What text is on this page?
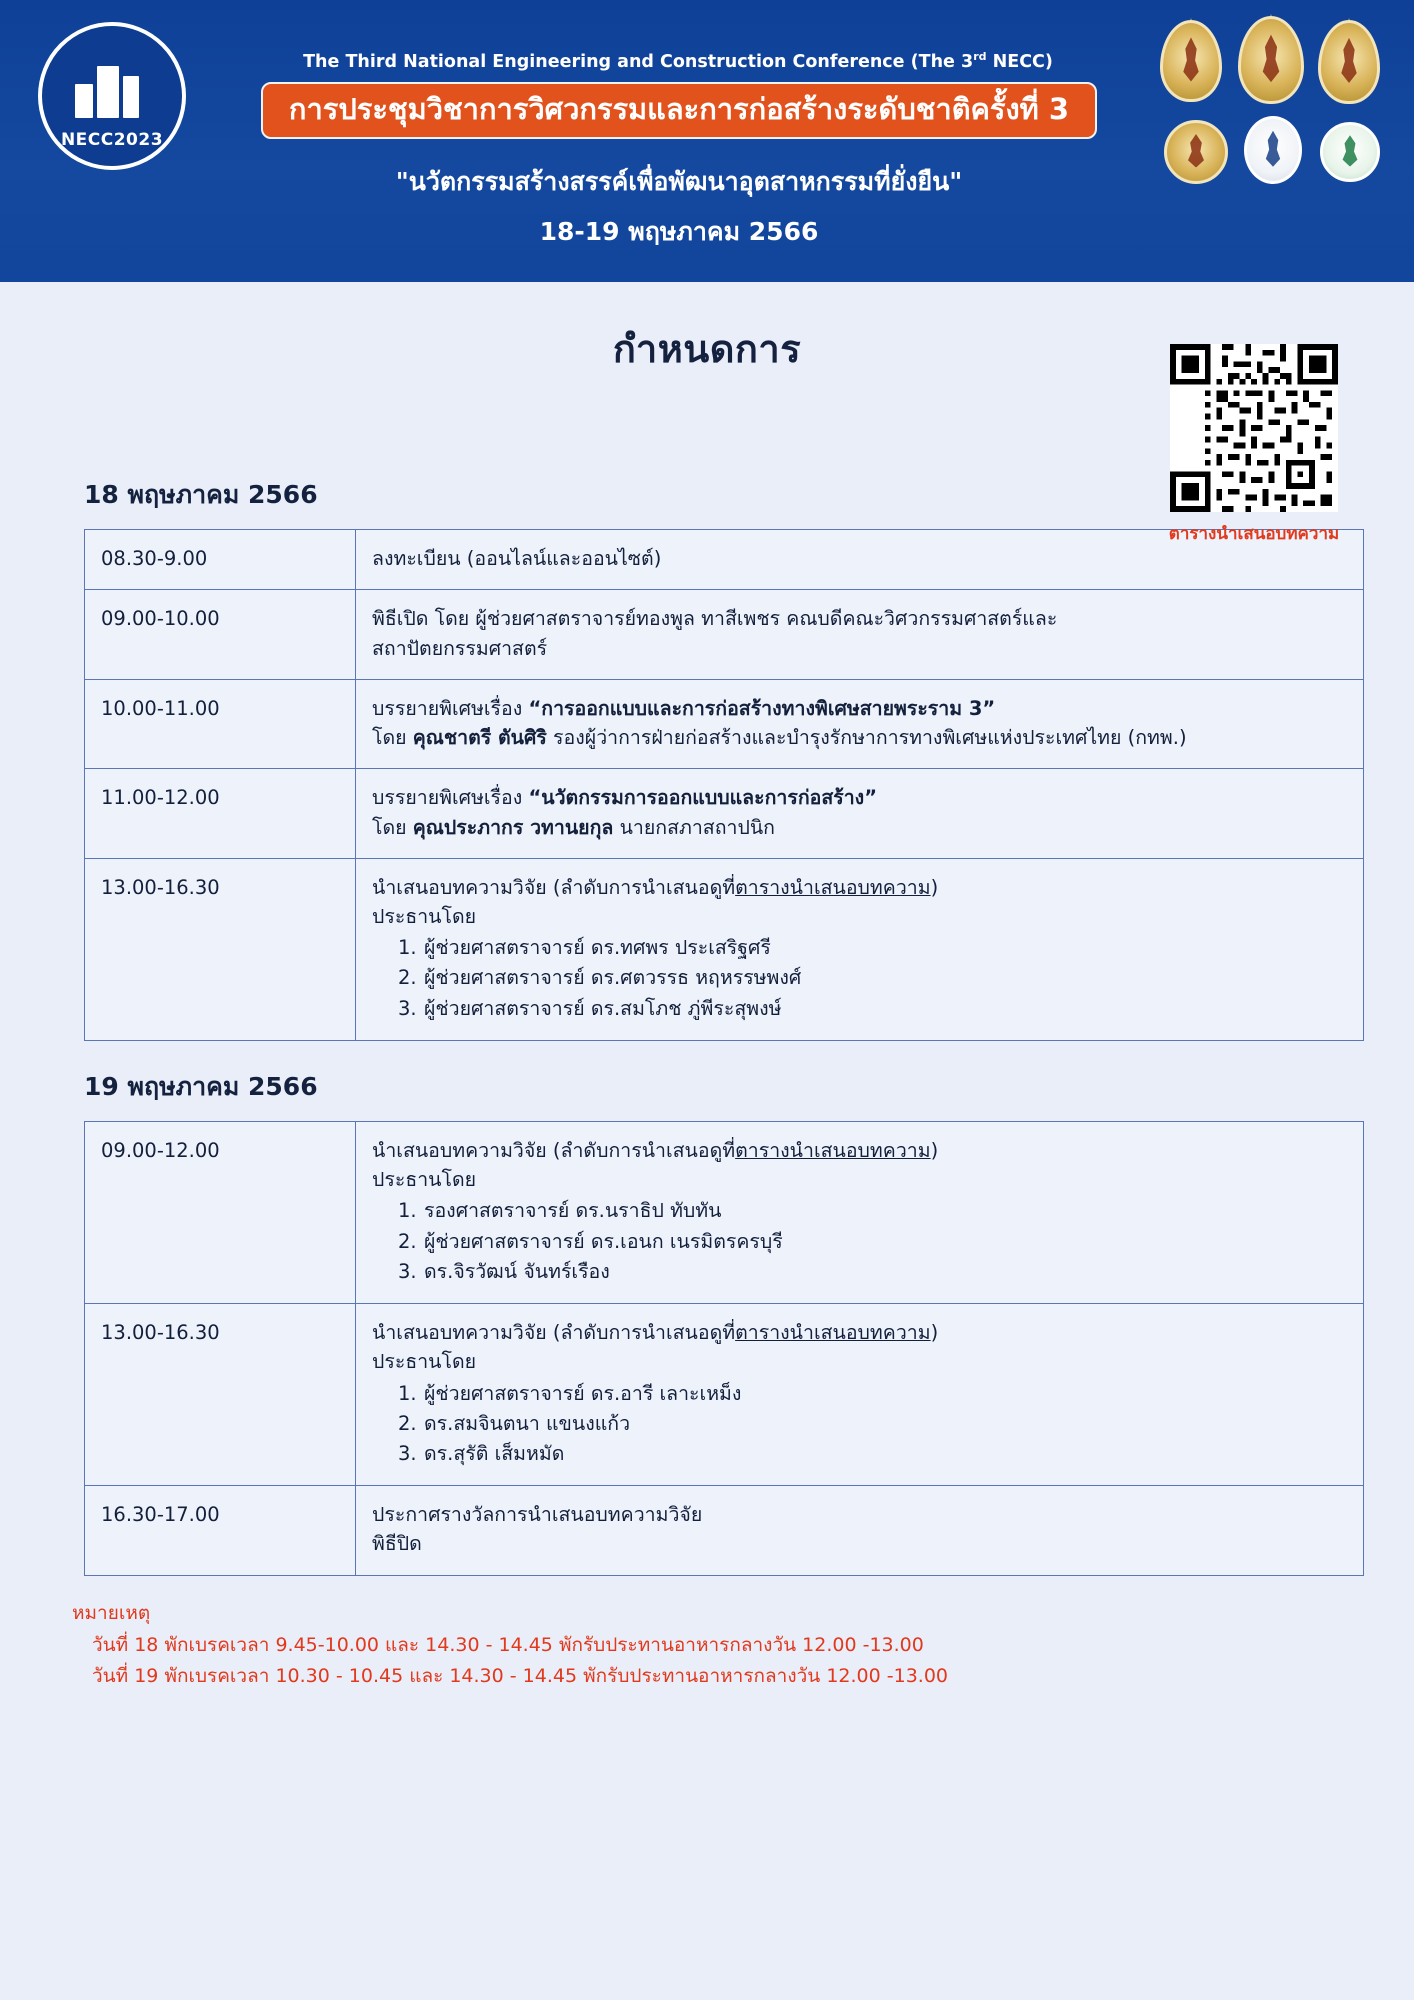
NECC2023
The Third National Engineering and Construction Conference (The 3rd NECC)
การประชุมวิชาการวิศวกรรมและการก่อสร้างระดับชาติครั้งที่ 3
"นวัตกรรมสร้างสรรค์เพื่อพัฒนาอุตสาหกรรมที่ยั่งยืน"
18-19 พฤษภาคม 2566
ตารางนำเสนอบทความ
กำหนดการ
18 พฤษภาคม 2566
08.30-9.00	ลงทะเบียน (ออนไลน์และออนไซต์)

09.00-10.00	พิธีเปิด โดย ผู้ช่วยศาสตราจารย์ทองพูล ทาสีเพชร คณบดีคณะวิศวกรรมศาสตร์และ
สถาปัตยกรรมศาสตร์

10.00-11.00	บรรยายพิเศษเรื่อง “การออกแบบและการก่อสร้างทางพิเศษสายพระราม 3”
โดย คุณชาตรี ตันศิริ รองผู้ว่าการฝ่ายก่อสร้างและบำรุงรักษาการทางพิเศษแห่งประเทศไทย (กทพ.)

11.00-12.00	บรรยายพิเศษเรื่อง “นวัตกรรมการออกแบบและการก่อสร้าง”
โดย คุณประภากร วทานยกุล นายกสภาสถาปนิก

13.00-16.30	นำเสนอบทความวิจัย (ลำดับการนำเสนอดูที่ตารางนำเสนอบทความ)
ประธานโดย
ผู้ช่วยศาสตราจารย์ ดร.ทศพร ประเสริฐศรี
ผู้ช่วยศาสตราจารย์ ดร.ศตวรรธ หฤหรรษพงศ์
ผู้ช่วยศาสตราจารย์ ดร.สมโภช ภู่พีระสุพงษ์
19 พฤษภาคม 2566
09.00-12.00	นำเสนอบทความวิจัย (ลำดับการนำเสนอดูที่ตารางนำเสนอบทความ)
ประธานโดย
รองศาสตราจารย์ ดร.นราธิป ทับทัน
ผู้ช่วยศาสตราจารย์ ดร.เอนก เนรมิตรครบุรี
ดร.จิรวัฒน์ จันทร์เรือง

13.00-16.30	นำเสนอบทความวิจัย (ลำดับการนำเสนอดูที่ตารางนำเสนอบทความ)
ประธานโดย
ผู้ช่วยศาสตราจารย์ ดร.อารี เลาะเหม็ง
ดร.สมจินตนา แขนงแก้ว
ดร.สุรัติ เส็มหมัด

16.30-17.00	ประกาศรางวัลการนำเสนอบทความวิจัย
พิธีปิด
หมายเหตุ
วันที่ 18 พักเบรคเวลา 9.45-10.00 และ 14.30 - 14.45 พักรับประทานอาหารกลางวัน 12.00 -13.00
วันที่ 19 พักเบรคเวลา 10.30 - 10.45 และ 14.30 - 14.45 พักรับประทานอาหารกลางวัน 12.00 -13.00
